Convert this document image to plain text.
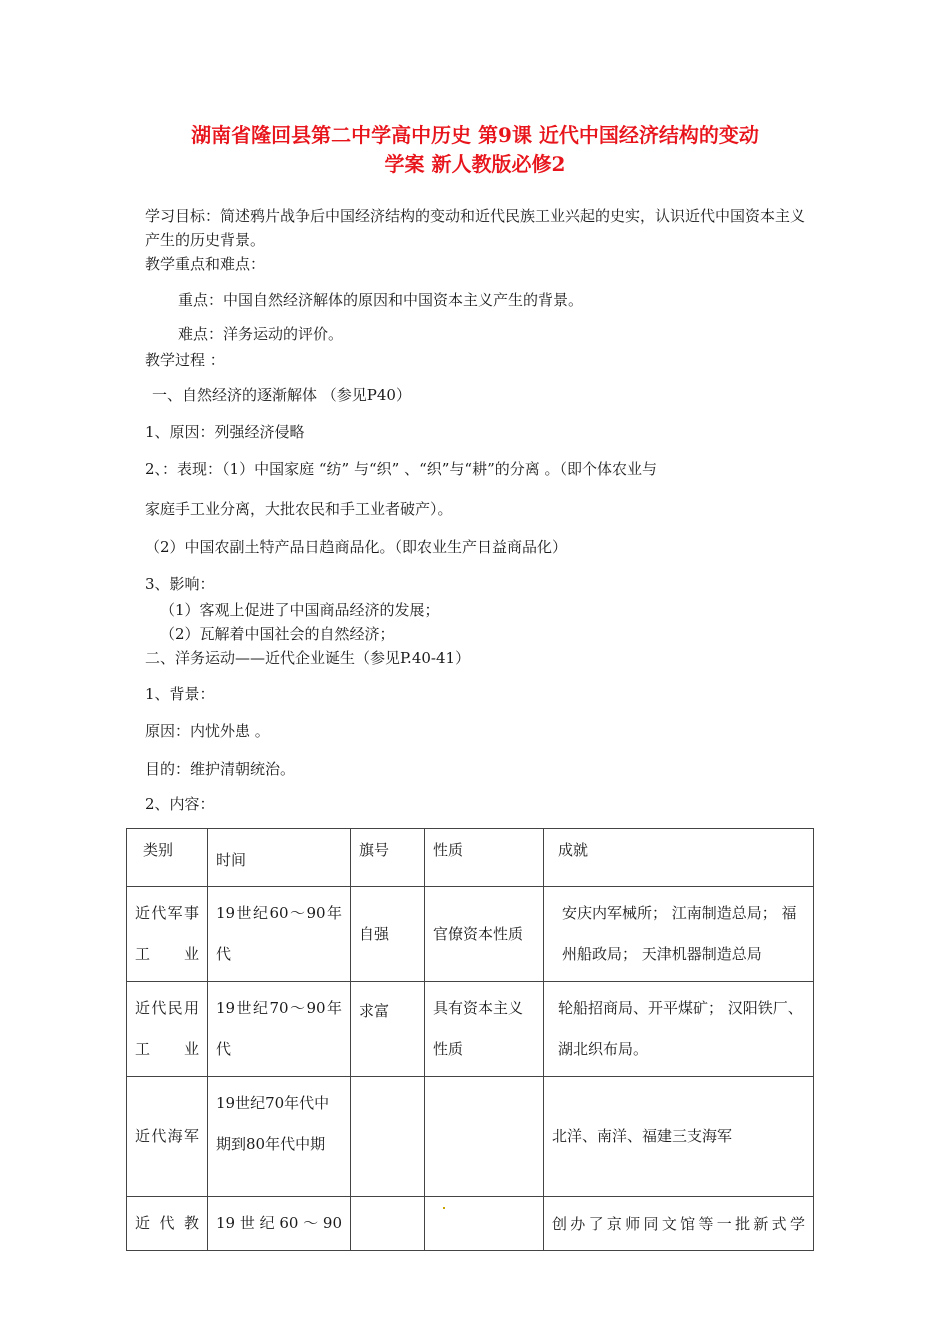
湖南省隆回县第二中学高中历史 第9课 近代中国经济结构的变动
学案 新人教版必修2

学习目标：简述鸦片战争后中国经济结构的变动和近代民族工业兴起的史实，认识近代中国资本主义产生的历史背景。

教学重点和难点：

重点：中国自然经济解体的原因和中国资本主义产生的背景。

难点：洋务运动的评价。

教学过程 ：

一、自然经济的逐渐解体 （参见P40）

1、原因：列强经济侵略

2、：表现：（1）中国家庭 “纺” 与“织” 、“织”与“耕”的分离 。（即个体农业与

家庭手工业分离，大批农民和手工业者破产）。

（2）中国农副土特产品日趋商品化。（即农业生产日益商品化）

3、影响：

（1）客观上促进了中国商品经济的发展；

（2）瓦解着中国社会的自然经济；

二、洋务运动——近代企业诞生（参见P.40-41）

1、背景：

原因：内忧外患 。

目的：维护清朝统治。

2、内容：

类别	时间	旗号	性质	成就
近代军事工业	19世纪60～90年代	自强	官僚资本性质	安庆内军械所； 江南制造总局； 福州船政局； 天津机器制造总局
近代民用工业	19世纪70～90年代	求富	具有资本主义性质	轮船招商局、开平煤矿； 汉阳铁厂、湖北织布局。
近代海军	19世纪70年代中期到80年代中期			北洋、南洋、福建三支海军
近代教	19世纪60～90			创办了京师同文馆等一批新式学
